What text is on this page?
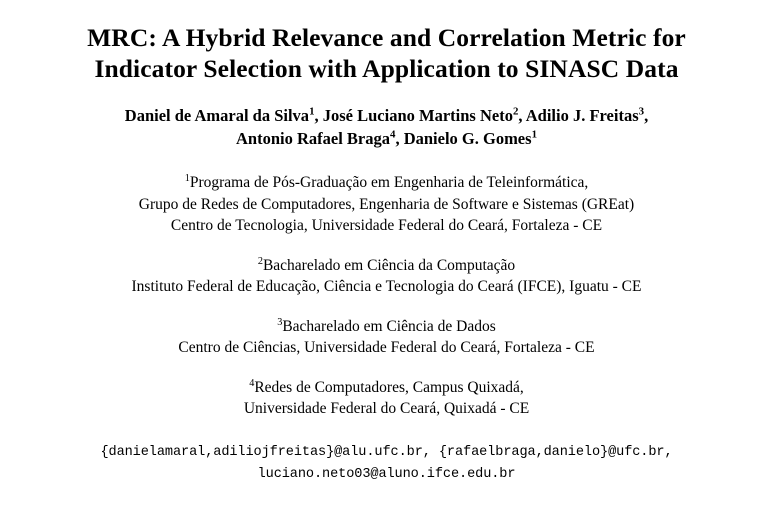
MRC: A Hybrid Relevance and Correlation Metric for
Indicator Selection with Application to SINASC Data
Daniel de Amaral da Silva$^1$, José Luciano Martins Neto$^2$, Adilio J. Freitas$^3$,
Antonio Rafael Braga$^4$, Danielo G. Gomes$^1$
$^1$Programa de Pós-Graduação em Engenharia de Teleinformática,
Grupo de Redes de Computadores, Engenharia de Software e Sistemas (GREat)
Centro de Tecnologia, Universidade Federal do Ceará, Fortaleza - CE
$^2$Bacharelado em Ciência da Computação
Instituto Federal de Educação, Ciência e Tecnologia do Ceará (IFCE), Iguatu - CE
$^3$Bacharelado em Ciência de Dados
Centro de Ciências, Universidade Federal do Ceará, Fortaleza - CE
$^4$Redes de Computadores, Campus Quixadá,
Universidade Federal do Ceará, Quixadá - CE
{danielamaral,adiliojfreitas}@alu.ufc.br, {rafaelbraga,danielo}@ufc.br,
luciano.neto03@aluno.ifce.edu.br
